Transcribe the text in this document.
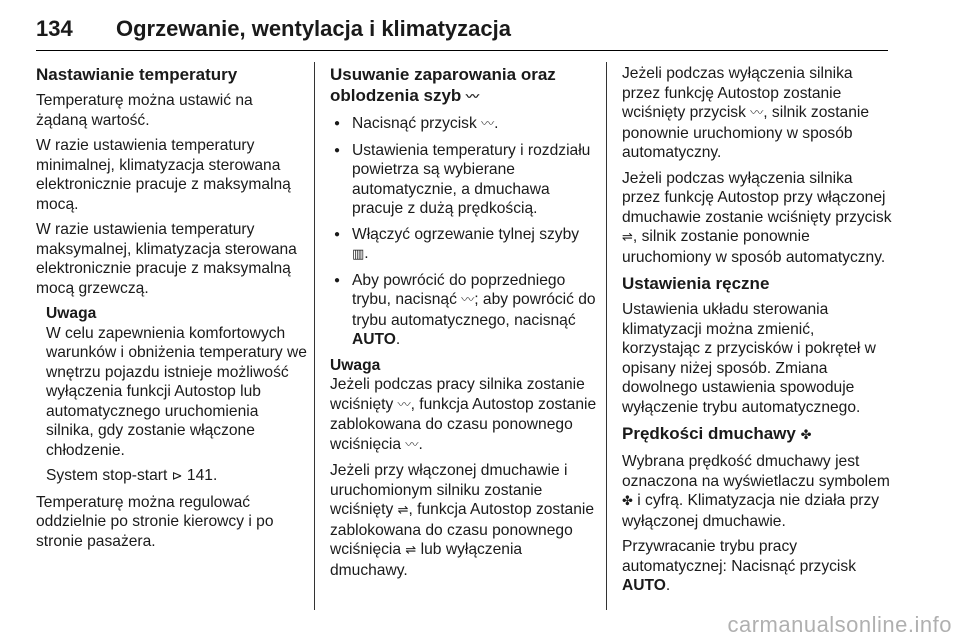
134 Ogrzewanie, wentylacja i klimatyzacja
Nastawianie temperatury

Temperaturę można ustawić na żądaną wartość.

W razie ustawienia temperatury minimalnej, klimatyzacja sterowana elektronicznie pracuje z maksymalną mocą.

W razie ustawienia temperatury maksymalnej, klimatyzacja sterowana elektronicznie pracuje z maksymalną mocą grzewczą.

Uwaga

W celu zapewnienia komfortowych warunków i obniżenia temperatury we wnętrzu pojazdu istnieje możliwość wyłączenia funkcji Autostop lub automatycznego uruchomienia silnika, gdy zostanie włączone chłodzenie.

System stop-start ⊳ 141.

Temperaturę można regulować oddzielnie po stronie kierowcy i po stronie pasażera.

Usuwanie zaparowania oraz oblodzenia szyb 〰
● Nacisnąć przycisk 〰.
● Ustawienia temperatury i rozdziału powietrza są wybierane automatycznie, a dmuchawa pracuje z dużą prędkością.
● Włączyć ogrzewanie tylnej szyby ▥.
● Aby powrócić do poprzedniego trybu, nacisnąć 〰; aby powrócić do trybu automatycznego, nacisnąć AUTO.
Uwaga

Jeżeli podczas pracy silnika zostanie wciśnięty 〰, funkcja Autostop zostanie zablokowana do czasu ponownego wciśnięcia 〰.

Jeżeli przy włączonej dmuchawie i uruchomionym silniku zostanie wciśnięty ⇌, funkcja Autostop zostanie zablokowana do czasu ponownego wciśnięcia ⇌ lub wyłączenia dmuchawy.

Jeżeli podczas wyłączenia silnika przez funkcję Autostop zostanie wciśnięty przycisk 〰, silnik zostanie ponownie uruchomiony w sposób automatyczny.

Jeżeli podczas wyłączenia silnika przez funkcję Autostop przy włączonej dmuchawie zostanie wciśnięty przycisk ⇌, silnik zostanie ponownie uruchomiony w sposób automatyczny.

Ustawienia ręczne

Ustawienia układu sterowania klimatyzacji można zmienić, korzystając z przycisków i pokręteł w opisany niżej sposób. Zmiana dowolnego ustawienia spowoduje wyłączenie trybu automatycznego.

Prędkości dmuchawy ✤

Wybrana prędkość dmuchawy jest oznaczona na wyświetlaczu symbolem ✤ i cyfrą. Klimatyzacja nie działa przy wyłączonej dmuchawie.

Przywracanie trybu pracy automatycznej: Nacisnąć przycisk AUTO.

carmanualsonline.info
